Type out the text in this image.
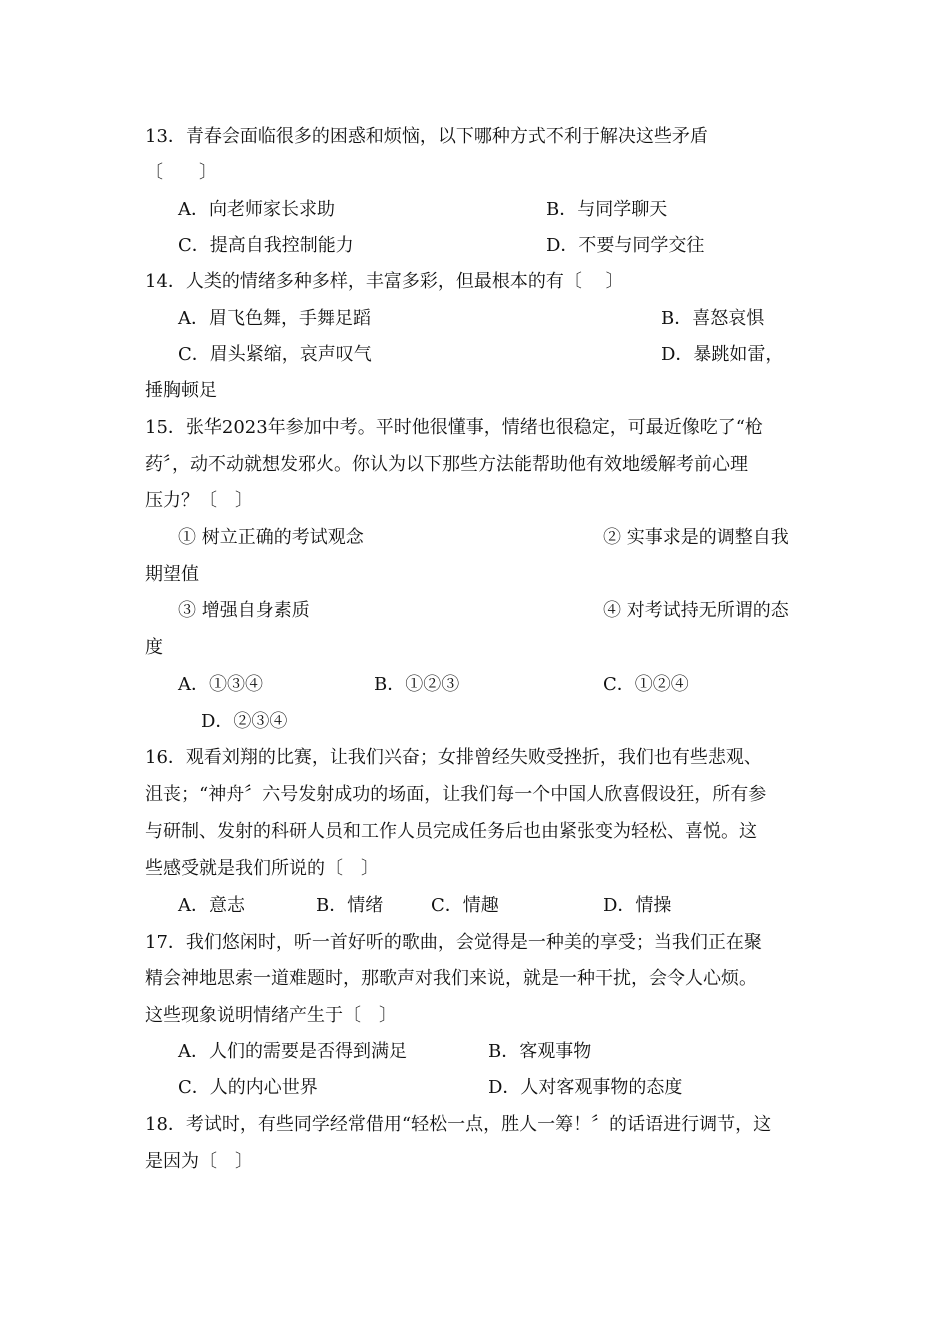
13．青春会面临很多的困惑和烦恼，以下哪种方式不利于解决这些矛盾
〔　　〕
A．向老师家长求助	B．与同学聊天
C．提高自我控制能力	D．不要与同学交往
14．人类的情绪多种多样，丰富多彩，但最根本的有〔　 〕
A．眉飞色舞，手舞足蹈	B．喜怒哀惧
C．眉头紧缩，哀声叹气	D．暴跳如雷，
捶胸顿足
15．张华2023年参加中考。平时他很懂事，情绪也很稳定，可最近像吃了“枪
药〞，动不动就想发邪火。你认为以下那些方法能帮助他有效地缓解考前心理
压力？〔　〕
① 树立正确的考试观念	② 实事求是的调整自我
期望值
③ 增强自身素质	④ 对考试持无所谓的态
度
A．①③④	B．①②③	C．①②④
D．②③④
16．观看刘翔的比赛，让我们兴奋；女排曾经失败受挫折，我们也有些悲观、
沮丧；“神舟〞六号发射成功的场面，让我们每一个中国人欣喜假设狂，所有参
与研制、发射的科研人员和工作人员完成任务后也由紧张变为轻松、喜悦。这
些感受就是我们所说的〔　〕
A．意志	B．情绪	C．情趣	D．情操
17．我们悠闲时，听一首好听的歌曲，会觉得是一种美的享受；当我们正在聚
精会神地思索一道难题时，那歌声对我们来说，就是一种干扰，会令人心烦。
这些现象说明情绪产生于〔　〕
A．人们的需要是否得到满足	B．客观事物
C．人的内心世界	D．人对客观事物的态度
18．考试时，有些同学经常借用“轻松一点，胜人一筹！〞的话语进行调节，这
是因为〔　〕
